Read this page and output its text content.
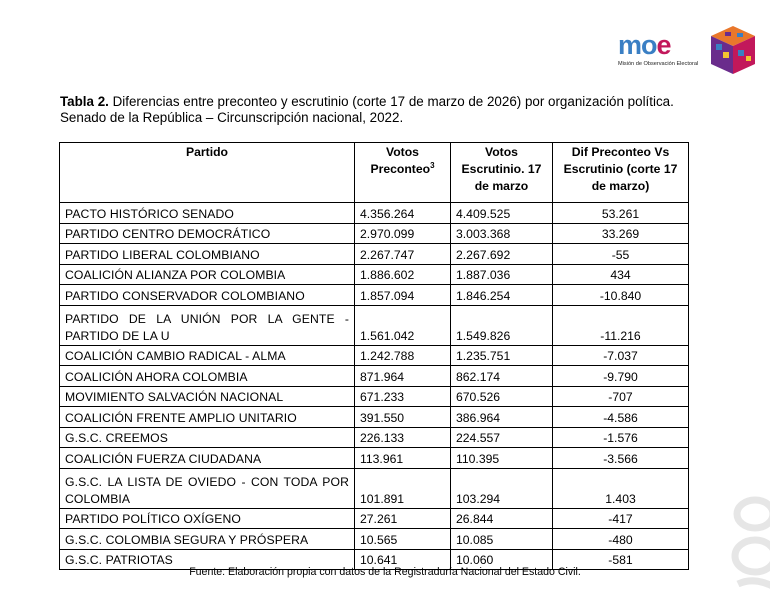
moe
Misión de Observación Electoral
Tabla 2. Diferencias entre preconteo y escrutinio (corte 17 de marzo de 2026) por organización política. Senado de la República – Circunscripción nacional, 2022.
Partido	Votos Preconteo$^3$	Votos Escrutinio. 17 de marzo	Dif Preconteo Vs Escrutinio (corte 17 de marzo)
PACTO HISTÓRICO SENADO	4.356.264	4.409.525	53.261
PARTIDO CENTRO DEMOCRÁTICO	2.970.099	3.003.368	33.269
PARTIDO LIBERAL COLOMBIANO	2.267.747	2.267.692	-55
COALICIÓN ALIANZA POR COLOMBIA	1.886.602	1.887.036	434
PARTIDO CONSERVADOR COLOMBIANO	1.857.094	1.846.254	-10.840
PARTIDO DE LA UNIÓN POR LA GENTE - PARTIDO DE LA U	1.561.042	1.549.826	-11.216
COALICIÓN CAMBIO RADICAL - ALMA	1.242.788	1.235.751	-7.037
COALICIÓN AHORA COLOMBIA	871.964	862.174	-9.790
MOVIMIENTO SALVACIÓN NACIONAL	671.233	670.526	-707
COALICIÓN FRENTE AMPLIO UNITARIO	391.550	386.964	-4.586
G.S.C. CREEMOS	226.133	224.557	-1.576
COALICIÓN FUERZA CIUDADANA	113.961	110.395	-3.566
G.S.C. LA LISTA DE OVIEDO - CON TODA POR COLOMBIA	101.891	103.294	1.403
PARTIDO POLÍTICO OXÍGENO	27.261	26.844	-417
G.S.C. COLOMBIA SEGURA Y PRÓSPERA	10.565	10.085	-480
G.S.C. PATRIOTAS	10.641	10.060	-581
Fuente: Elaboración propia con datos de la Registraduría Nacional del Estado Civil.
